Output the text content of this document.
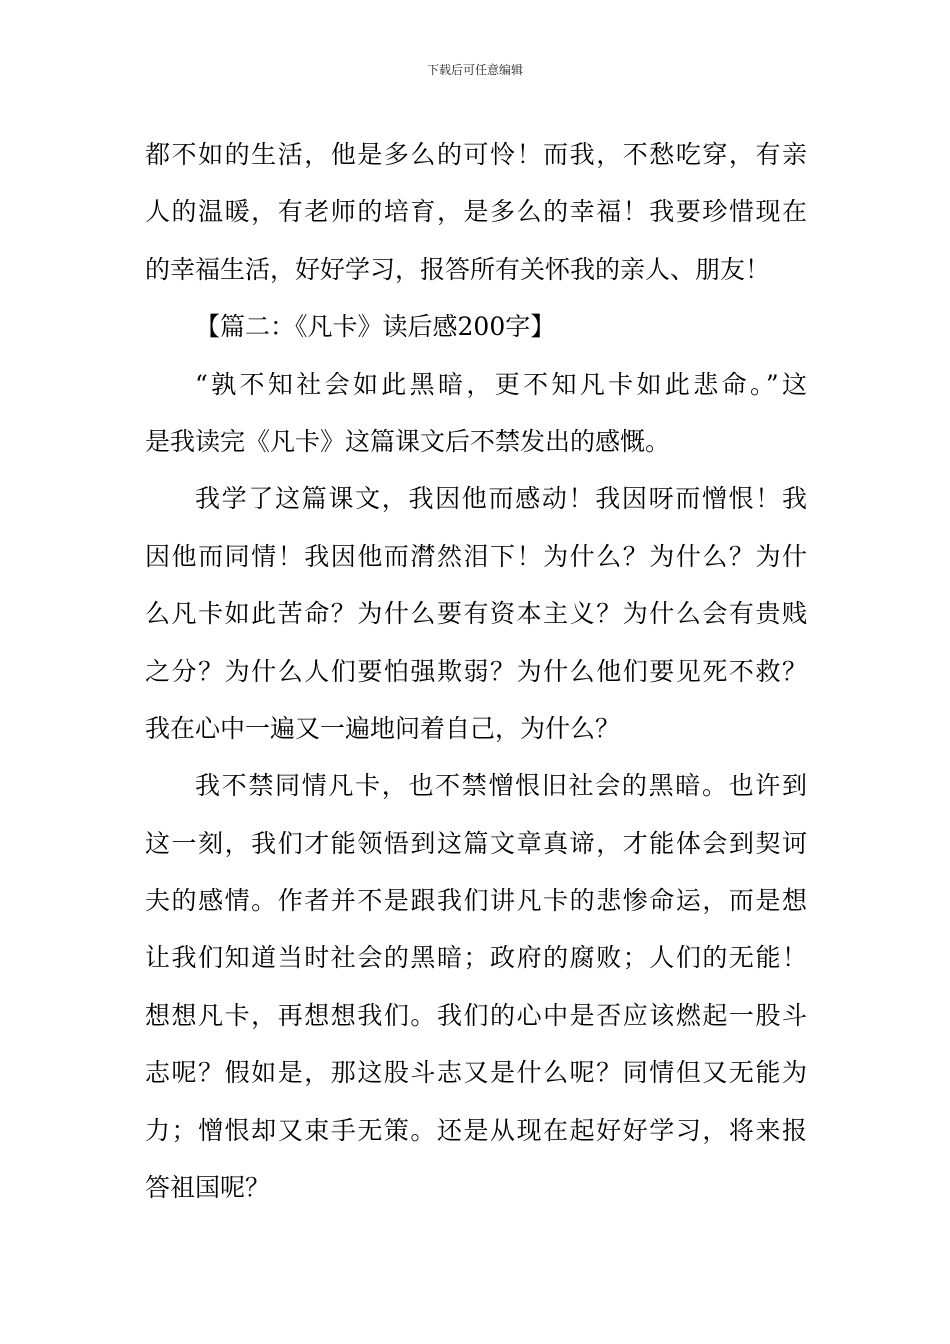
下载后可任意编辑
都不如的生活，他是多么的可怜！而我，不愁吃穿，有亲
人的温暖，有老师的培育，是多么的幸福！我要珍惜现在
的幸福生活，好好学习，报答所有关怀我的亲人、朋友！
【篇二：《凡卡》读后感200字】
“孰不知社会如此黑暗，更不知凡卡如此悲命。”这
是我读完《凡卡》这篇课文后不禁发出的感慨。
我学了这篇课文，我因他而感动！我因呀而憎恨！我
因他而同情！我因他而潸然泪下！为什么？为什么？为什
么凡卡如此苦命？为什么要有资本主义？为什么会有贵贱
之分？为什么人们要怕强欺弱？为什么他们要见死不救？
我在心中一遍又一遍地问着自己，为什么？
我不禁同情凡卡，也不禁憎恨旧社会的黑暗。也许到
这一刻，我们才能领悟到这篇文章真谛，才能体会到契诃
夫的感情。作者并不是跟我们讲凡卡的悲惨命运，而是想
让我们知道当时社会的黑暗；政府的腐败；人们的无能！
想想凡卡，再想想我们。我们的心中是否应该燃起一股斗
志呢？假如是，那这股斗志又是什么呢？同情但又无能为
力；憎恨却又束手无策。还是从现在起好好学习，将来报
答祖国呢？
